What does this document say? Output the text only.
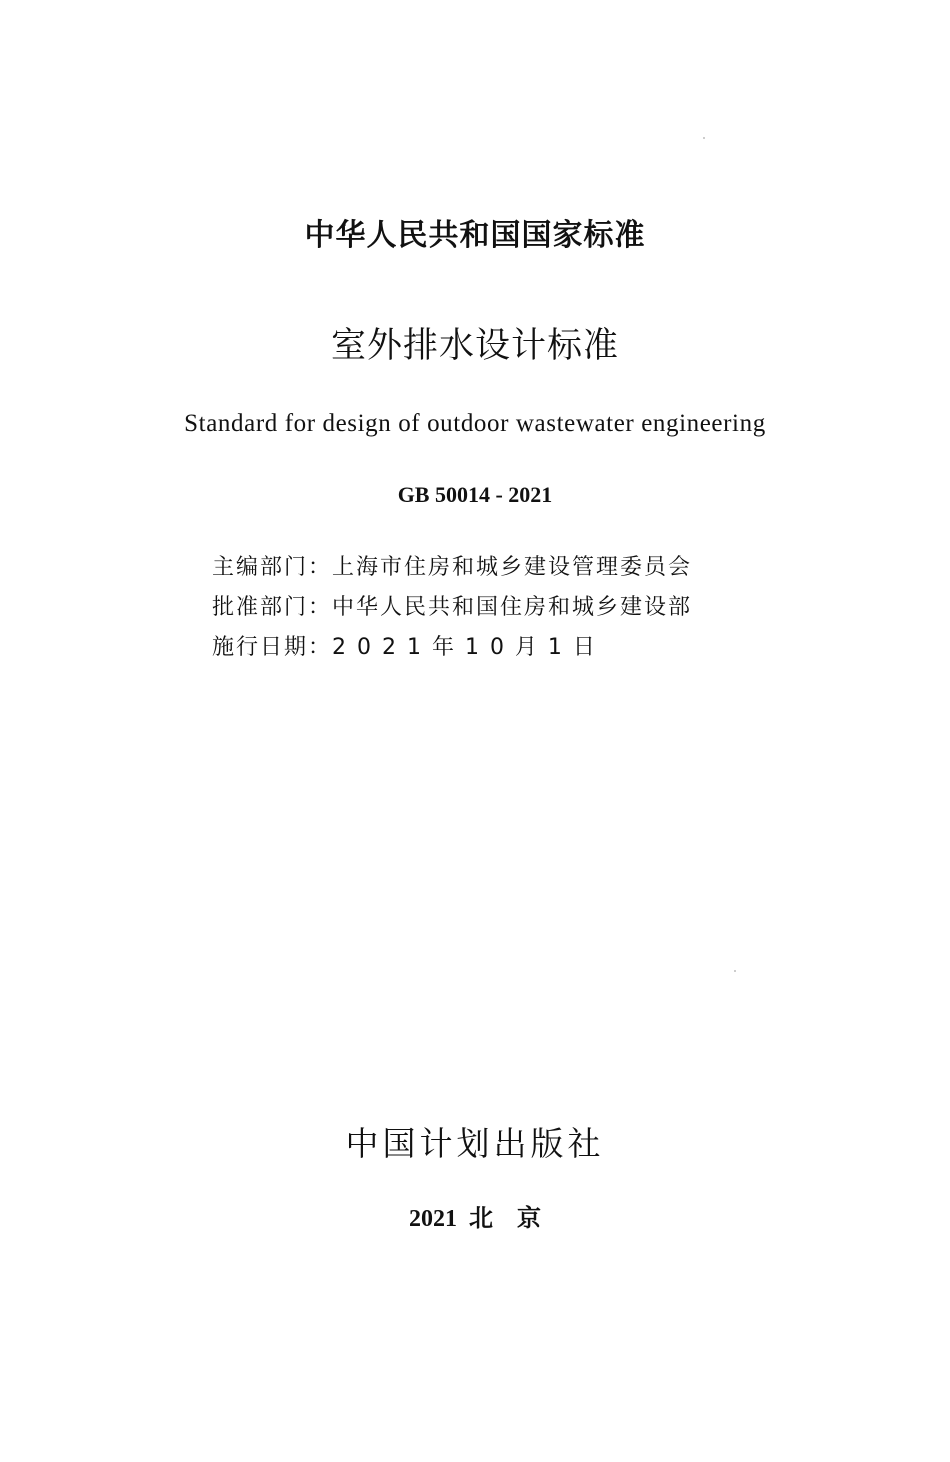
中华人民共和国国家标准
室外排水设计标准
Standard for design of outdoor wastewater engineering
GB 50014 - 2021
主编部门：上海市住房和城乡建设管理委员会
批准部门：中华人民共和国住房和城乡建设部
施行日期：2 0 2 1 年 1 0 月 1 日
中国计划出版社
2021  北    京
